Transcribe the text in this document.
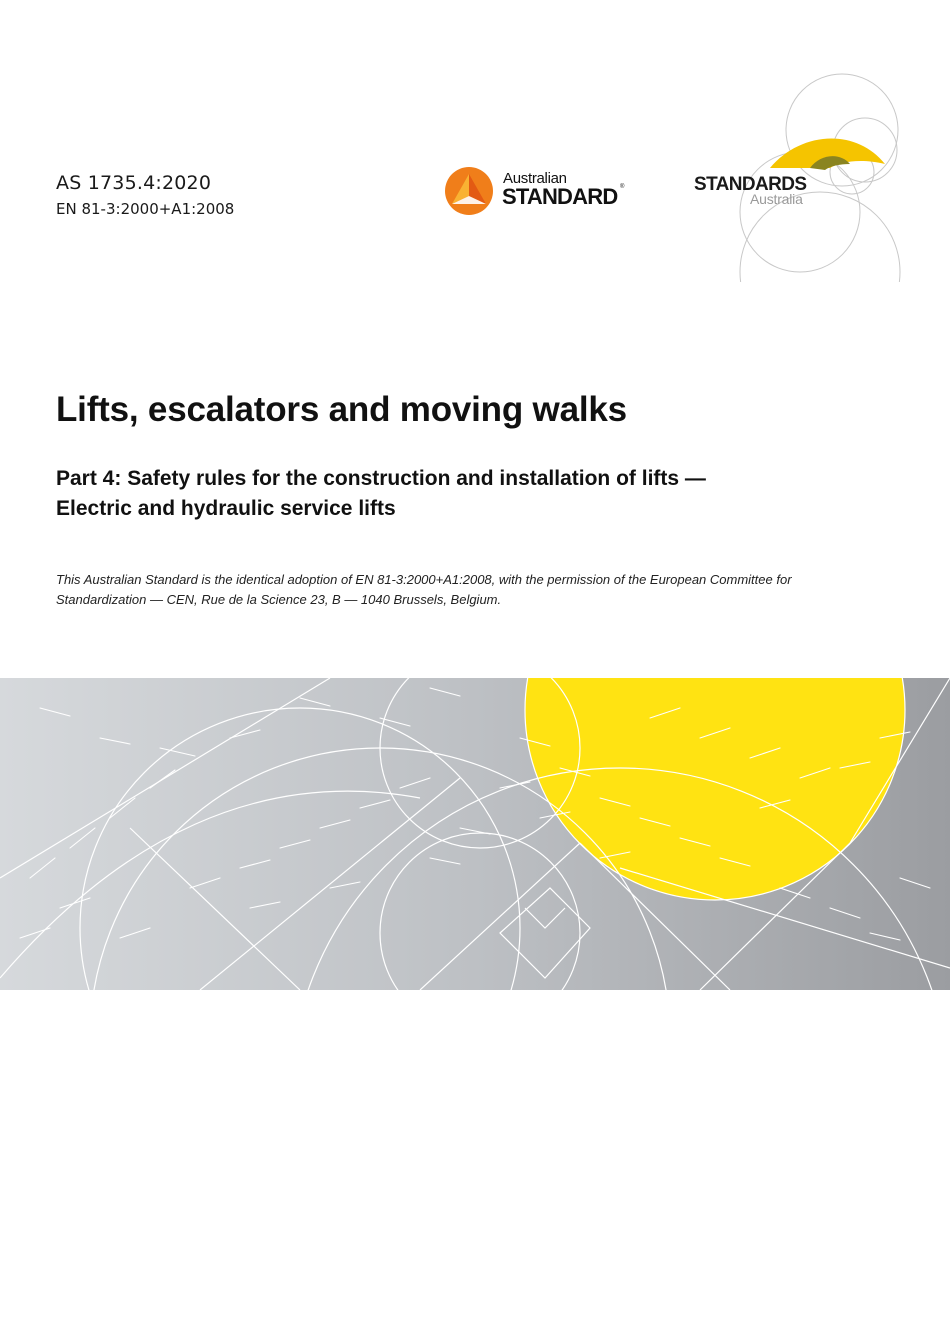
AS 1735.4:2020
EN 81-3:2000+A1:2008
Australian
STANDARD ®	STANDARDS
Australia
Lifts, escalators and moving walks
Part 4: Safety rules for the construction and installation of lifts —
Electric and hydraulic service lifts

This Australian Standard is the identical adoption of EN 81-3:2000+A1:2008, with the permission of the European Committee for
Standardization — CEN, Rue de la Science 23, B — 1040 Brussels, Belgium.
